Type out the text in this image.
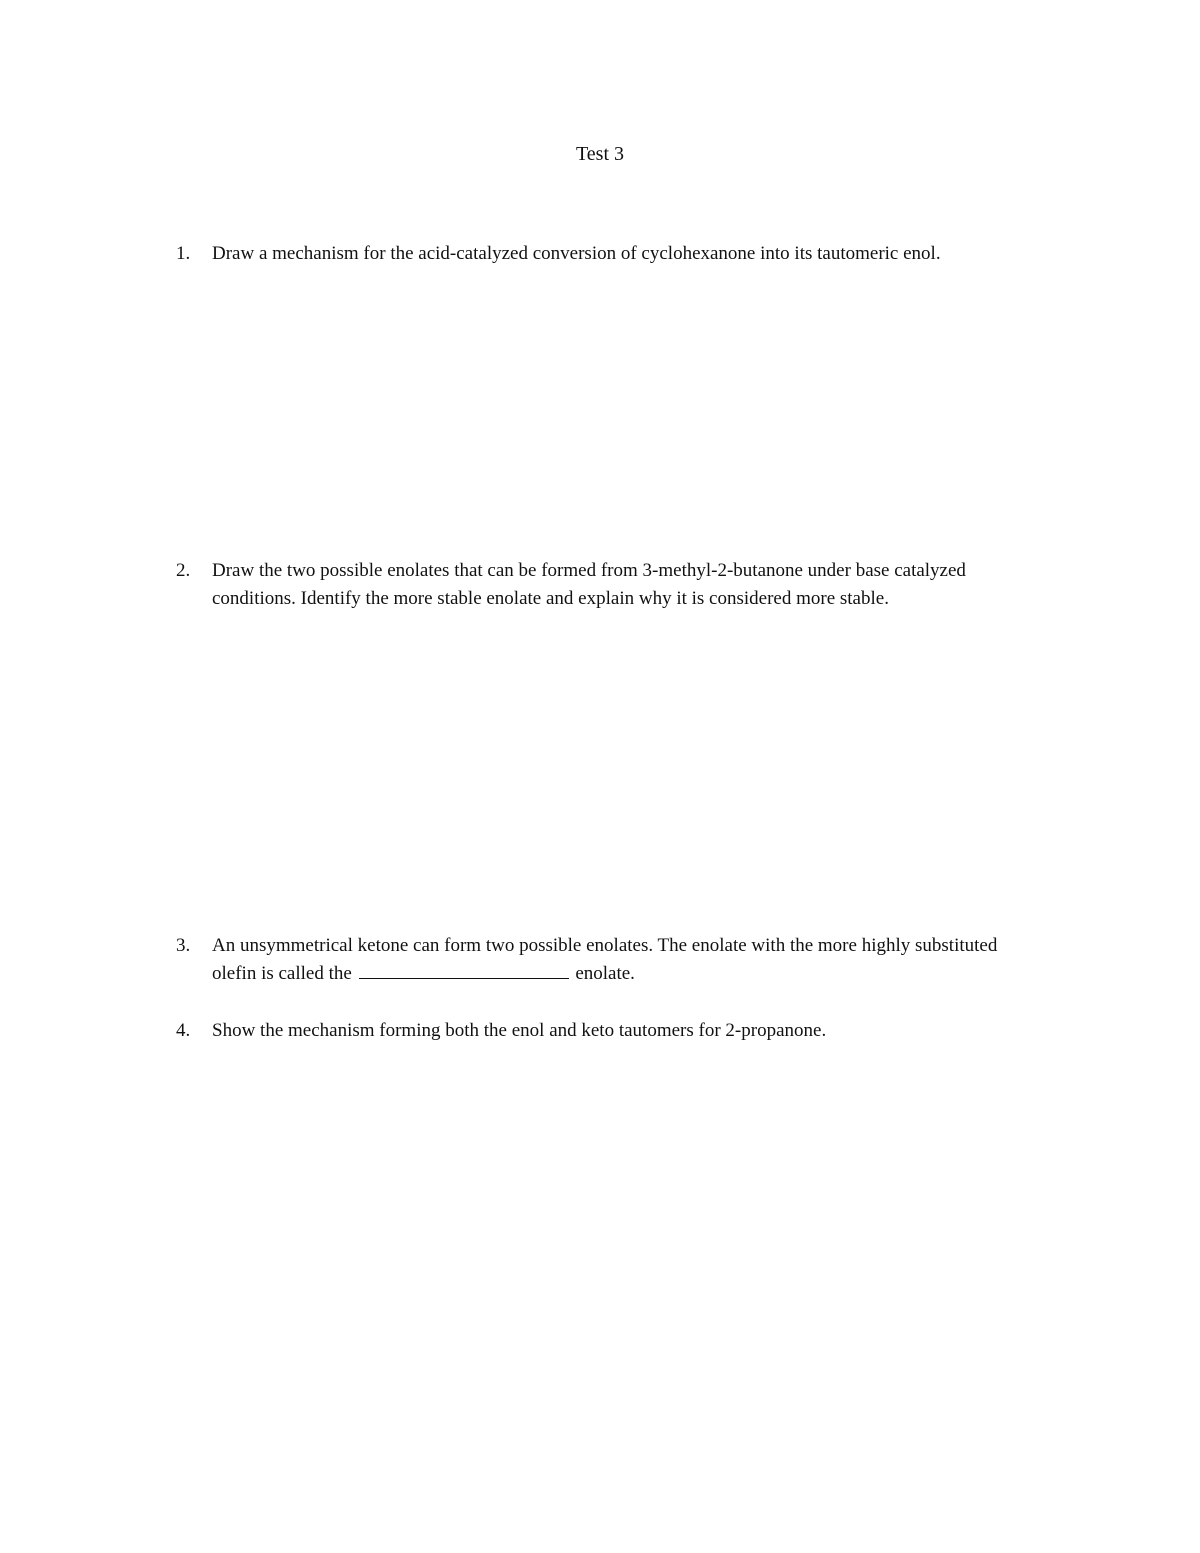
Test 3
1.	Draw a mechanism for the acid-catalyzed conversion of cyclohexanone into its tautomeric enol.
2.	Draw the two possible enolates that can be formed from 3-methyl-2-butanone under base catalyzed conditions. Identify the more stable enolate and explain why it is considered more stable.
3.	An unsymmetrical ketone can form two possible enolates. The enolate with the more highly substituted olefin is called the	enolate.
4.	Show the mechanism forming both the enol and keto tautomers for 2-propanone.
